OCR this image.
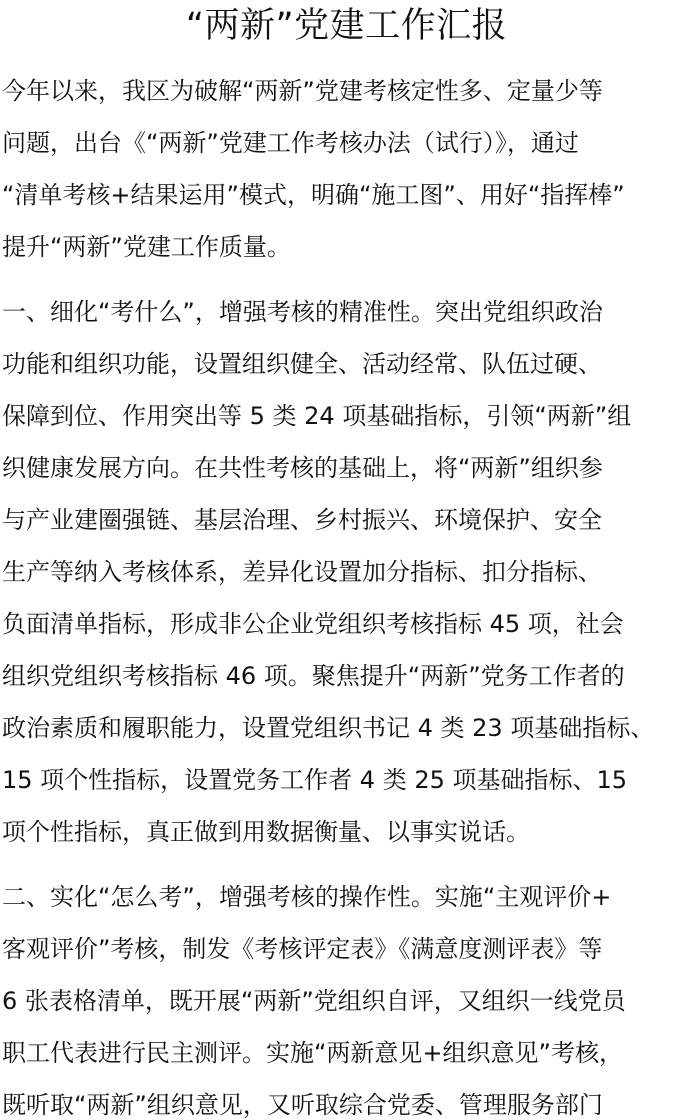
“两新”党建工作汇报
今年以来，我区为破解“两新”党建考核定性多、定量少等
问题，出台《“两新”党建工作考核办法（试行）》，通过
“清单考核+结果运用”模式，明确“施工图”、用好“指挥棒”
提升“两新”党建工作质量。
一、细化“考什么”，增强考核的精准性。突出党组织政治
功能和组织功能，设置组织健全、活动经常、队伍过硬、
保障到位、作用突出等 5 类 24 项基础指标，引领“两新”组
织健康发展方向。在共性考核的基础上，将“两新”组织参
与产业建圈强链、基层治理、乡村振兴、环境保护、安全
生产等纳入考核体系，差异化设置加分指标、扣分指标、
负面清单指标，形成非公企业党组织考核指标 45 项，社会
组织党组织考核指标 46 项。聚焦提升“两新”党务工作者的
政治素质和履职能力，设置党组织书记 4 类 23 项基础指标、
15 项个性指标，设置党务工作者 4 类 25 项基础指标、15
项个性指标，真正做到用数据衡量、以事实说话。
二、实化“怎么考”，增强考核的操作性。实施“主观评价+
客观评价”考核，制发《考核评定表》《满意度测评表》等
6 张表格清单，既开展“两新”党组织自评，又组织一线党员
职工代表进行民主测评。实施“两新意见+组织意见”考核，
既听取“两新”组织意见，又听取综合党委、管理服务部门
